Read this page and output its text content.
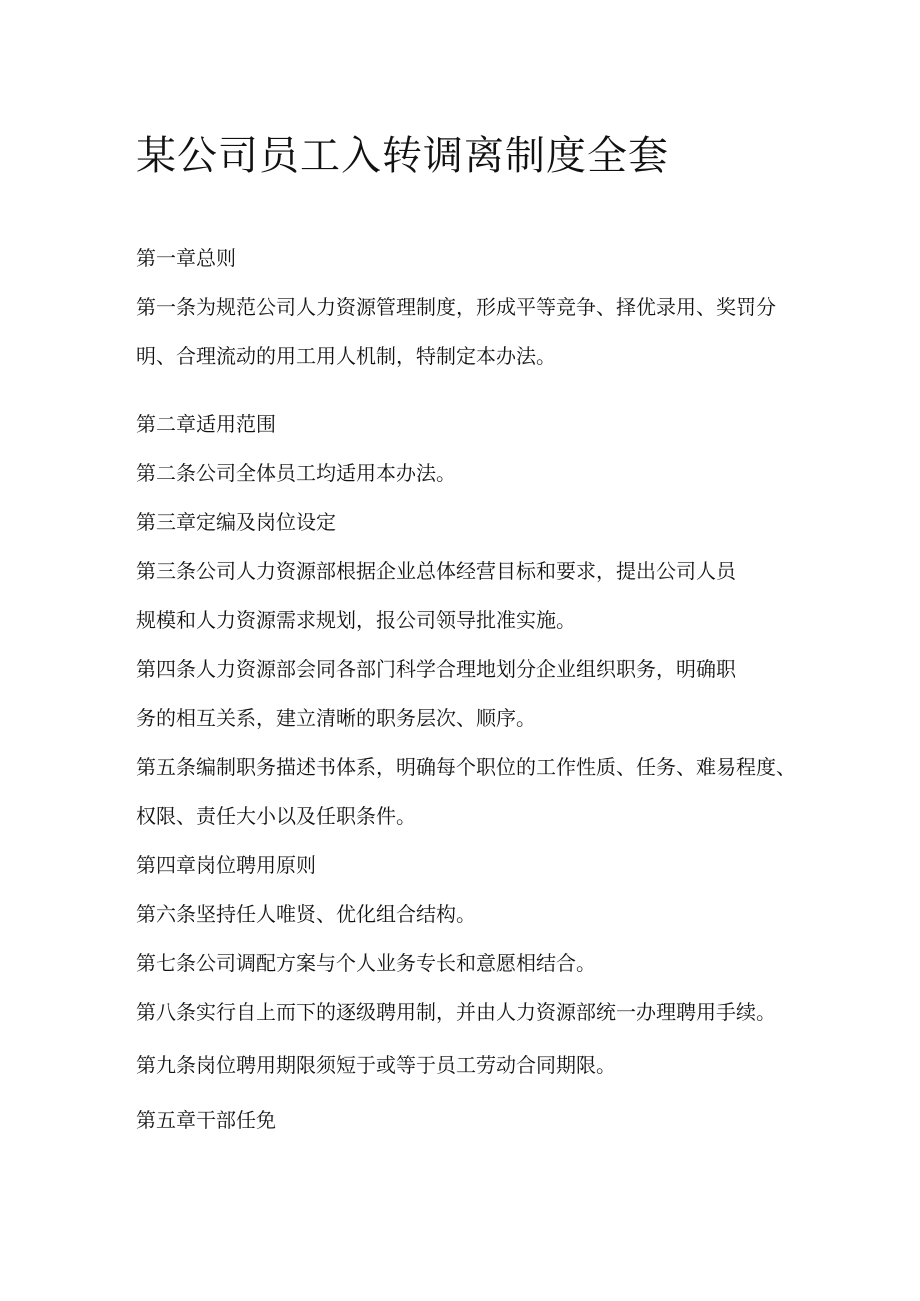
某公司员工入转调离制度全套
第一章总则
第一条为规范公司人力资源管理制度，形成平等竞争、择优录用、奖罚分
明、合理流动的用工用人机制，特制定本办法。
第二章适用范围
第二条公司全体员工均适用本办法。
第三章定编及岗位设定
第三条公司人力资源部根据企业总体经营目标和要求，提出公司人员
规模和人力资源需求规划，报公司领导批准实施。
第四条人力资源部会同各部门科学合理地划分企业组织职务，明确职
务的相互关系，建立清晰的职务层次、顺序。
第五条编制职务描述书体系，明确每个职位的工作性质、任务、难易程度、
权限、责任大小以及任职条件。
第四章岗位聘用原则
第六条坚持任人唯贤、优化组合结构。
第七条公司调配方案与个人业务专长和意愿相结合。
第八条实行自上而下的逐级聘用制，并由人力资源部统一办理聘用手续。
第九条岗位聘用期限须短于或等于员工劳动合同期限。
第五章干部任免
